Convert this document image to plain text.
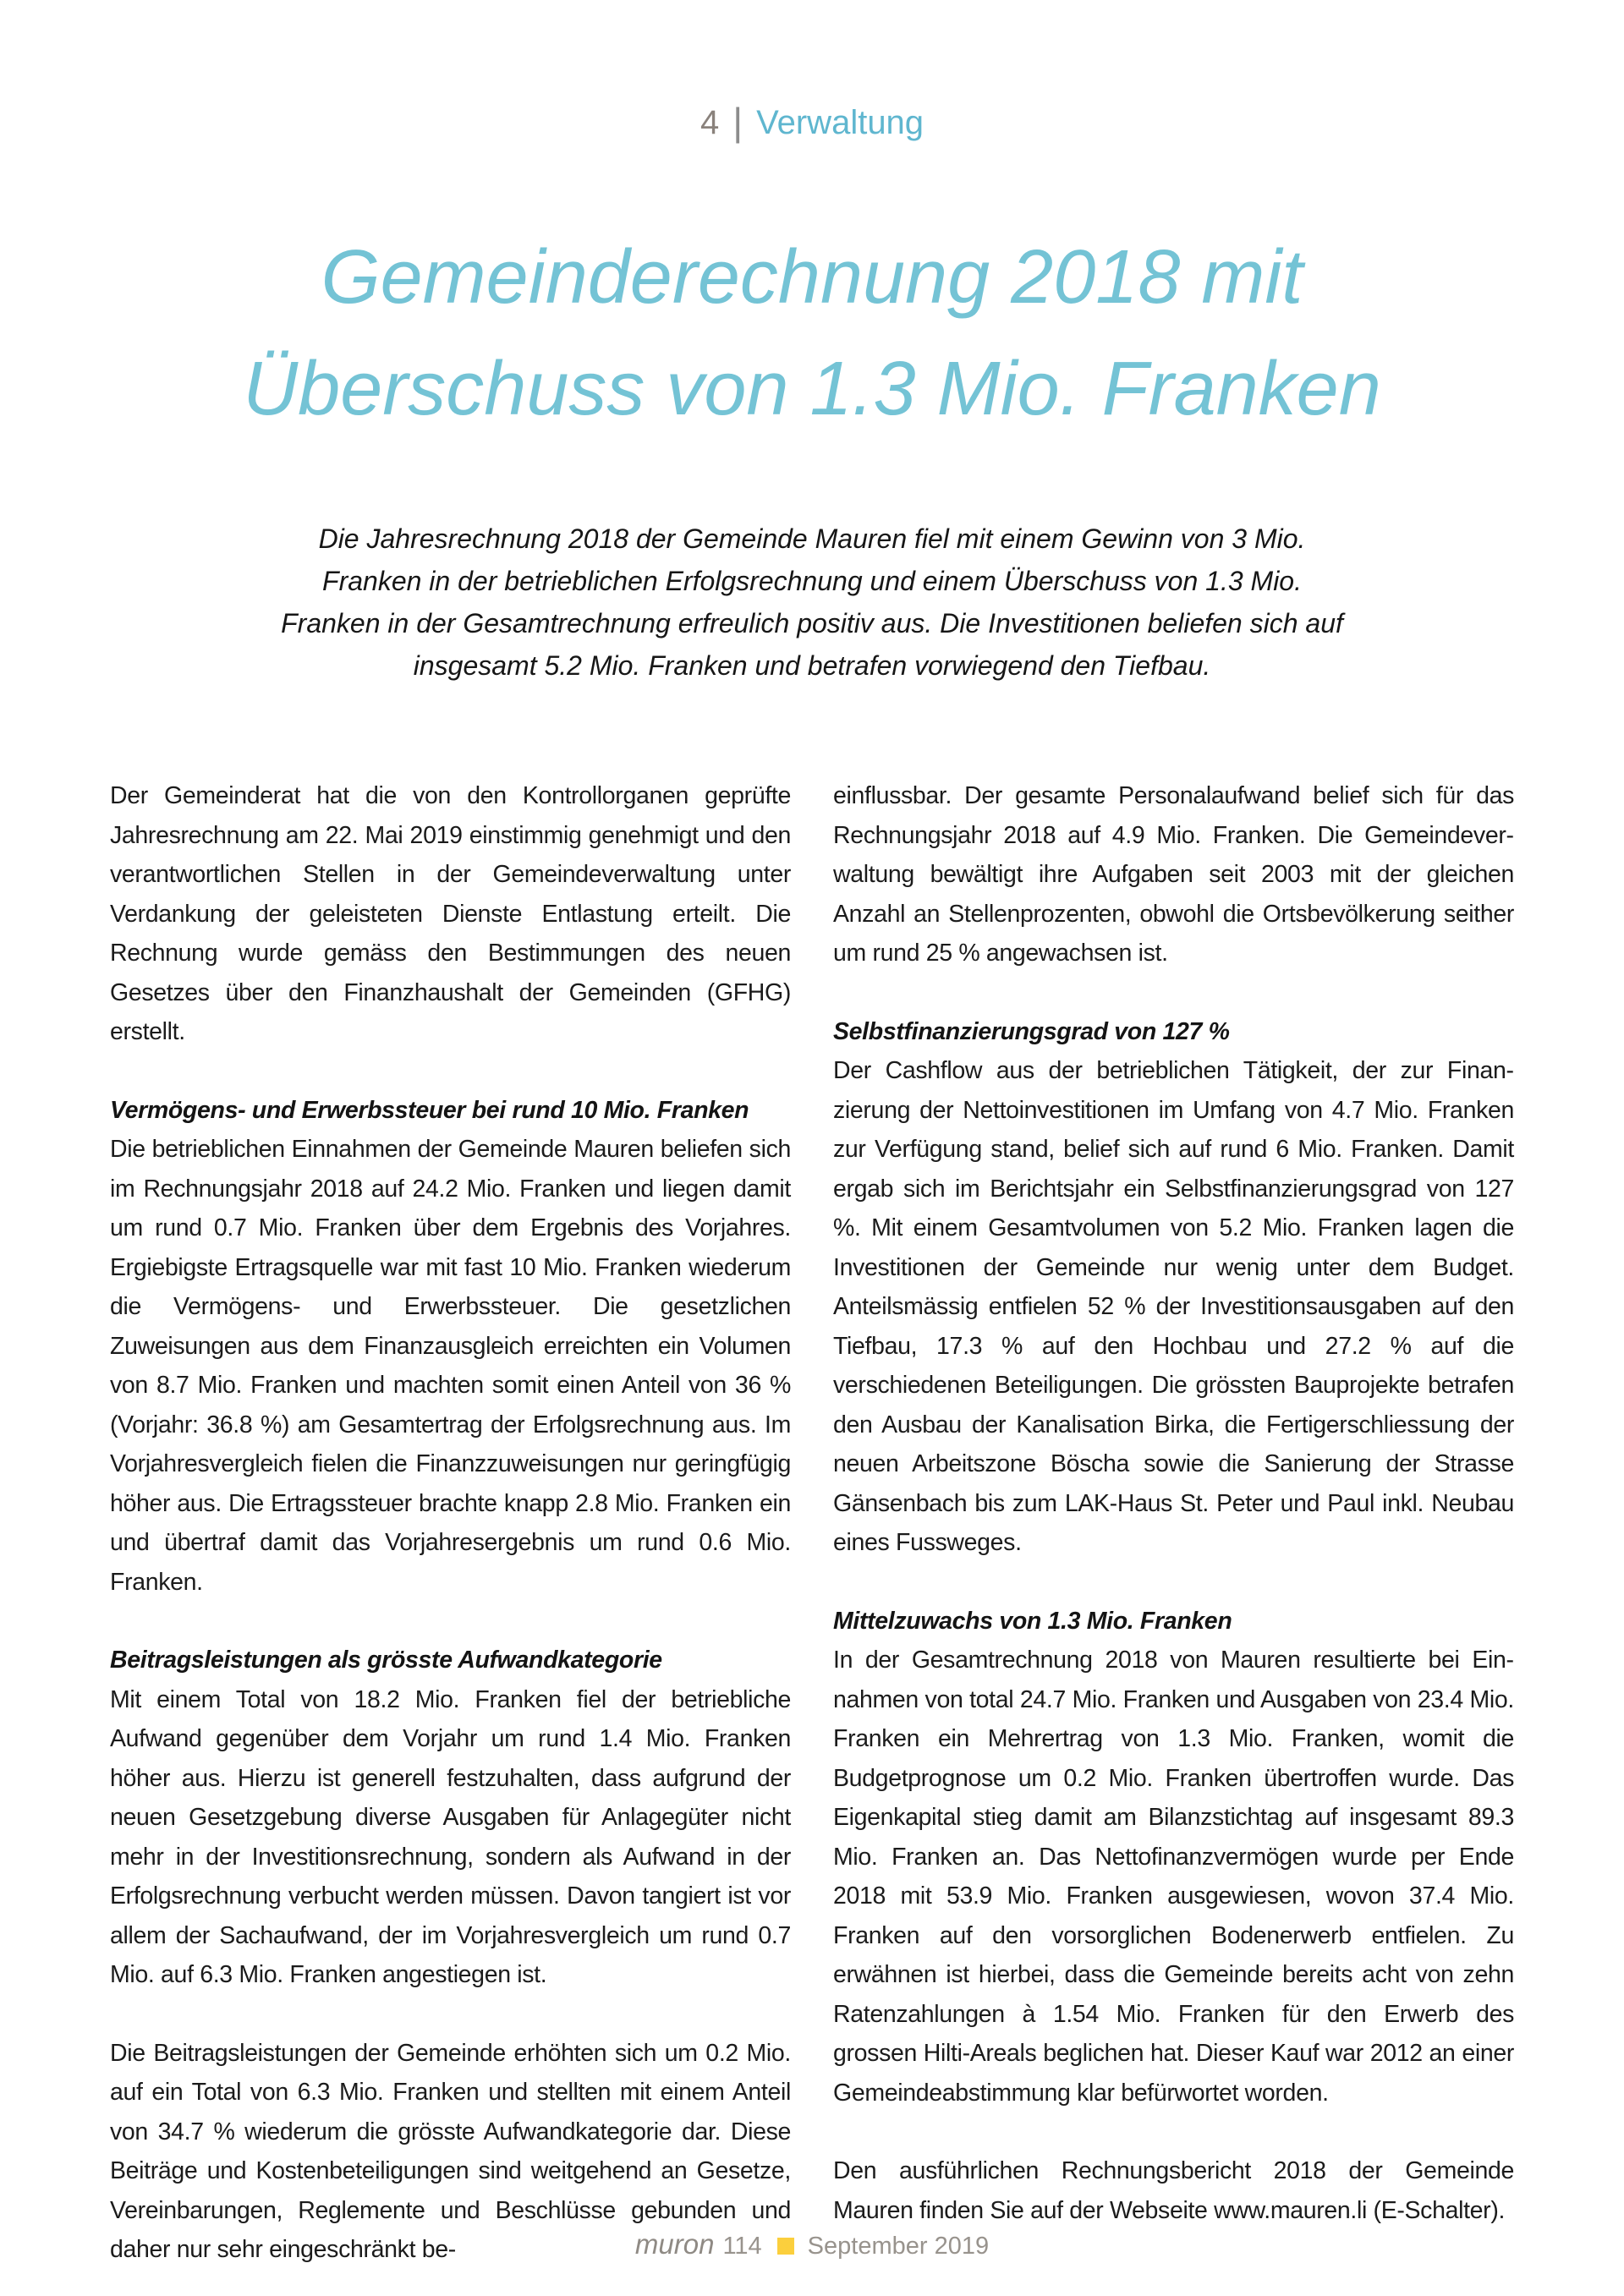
4 | Verwaltung
Gemeinderechnung 2018 mit
Überschuss von 1.3 Mio. Franken
Die Jahresrechnung 2018 der Gemeinde Mauren fiel mit einem Gewinn von 3 Mio.
Franken in der betrieblichen Erfolgsrechnung und einem Überschuss von 1.3 Mio.
Franken in der Gesamtrechnung erfreulich positiv aus. Die Investitionen beliefen sich auf
insgesamt 5.2 Mio. Franken und betrafen vorwiegend den Tiefbau.

Der Gemeinderat hat die von den Kontrollorganen geprüfte Jahresrechnung am 22. Mai 2019 einstimmig genehmigt und den verantwortlichen Stellen in der Gemeindeverwaltung unter Verdankung der geleisteten Dienste Entlastung erteilt. Die Rechnung wurde gemäss den Bestimmungen des neuen Gesetzes über den Finanzhaushalt der Gemeinden (GFHG) erstellt.

Vermögens- und Erwerbssteuer bei rund 10 Mio. Franken

Die betrieblichen Einnahmen der Gemeinde Mauren beliefen sich im Rechnungsjahr 2018 auf 24.2 Mio. Franken und liegen damit um rund 0.7 Mio. Franken über dem Ergebnis des Vorjahres. Ergiebigste Ertragsquelle war mit fast 10 Mio. Franken wiederum die Vermögens- und Erwerbssteuer. Die gesetzlichen Zuweisungen aus dem Finanzausgleich erreichten ein Volumen von 8.7 Mio. Franken und machten somit einen Anteil von 36 % (Vorjahr: 36.8 %) am Gesamtertrag der Erfolgsrechnung aus. Im Vorjahresvergleich fielen die Finanzzuweisungen nur geringfügig höher aus. Die Ertragssteuer brachte knapp 2.8 Mio. Franken ein und übertraf damit das Vorjahresergebnis um rund 0.6 Mio. Franken.

Beitragsleistungen als grösste Aufwandkategorie

Mit einem Total von 18.2 Mio. Franken fiel der betriebliche Aufwand gegenüber dem Vorjahr um rund 1.4 Mio. Franken höher aus. Hierzu ist generell festzuhalten, dass aufgrund der neuen Gesetzgebung diverse Ausgaben für Anlagegüter nicht mehr in der Investitionsrechnung, sondern als Aufwand in der Erfolgsrechnung verbucht werden müssen. Davon tangiert ist vor allem der Sachaufwand, der im Vorjahresvergleich um rund 0.7 Mio. auf 6.3 Mio. Franken angestiegen ist.

Die Beitragsleistungen der Gemeinde erhöhten sich um 0.2 Mio. auf ein Total von 6.3 Mio. Franken und stellten mit einem Anteil von 34.7 % wiederum die grösste Aufwandkategorie dar. Diese Beiträge und Kostenbeteiligungen sind weitgehend an Gesetze, Vereinbarungen, Reglemente und Beschlüsse gebunden und daher nur sehr eingeschränkt be-

einflussbar. Der gesamte Personalaufwand belief sich für das Rechnungsjahr 2018 auf 4.9 Mio. Franken. Die Gemeindeverwaltung bewältigt ihre Aufgaben seit 2003 mit der gleichen Anzahl an Stellenprozenten, obwohl die Ortsbevölkerung seither um rund 25 % angewachsen ist.

Selbstfinanzierungsgrad von 127 %

Der Cashflow aus der betrieblichen Tätigkeit, der zur Finanzierung der Nettoinvestitionen im Umfang von 4.7 Mio. Franken zur Verfügung stand, belief sich auf rund 6 Mio. Franken. Damit ergab sich im Berichtsjahr ein Selbstfinanzierungsgrad von 127 %. Mit einem Gesamtvolumen von 5.2 Mio. Franken lagen die Investitionen der Gemeinde nur wenig unter dem Budget. Anteilsmässig entfielen 52 % der Investitionsausgaben auf den Tiefbau, 17.3 % auf den Hochbau und 27.2 % auf die verschiedenen Beteiligungen. Die grössten Bauprojekte betrafen den Ausbau der Kanalisation Birka, die Fertigerschliessung der neuen Arbeitszone Böscha sowie die Sanierung der Strasse Gänsenbach bis zum LAK-Haus St. Peter und Paul inkl. Neubau eines Fussweges.

Mittelzuwachs von 1.3 Mio. Franken

In der Gesamtrechnung 2018 von Mauren resultierte bei Einnahmen von total 24.7 Mio. Franken und Ausgaben von 23.4 Mio. Franken ein Mehrertrag von 1.3 Mio. Franken, womit die Budgetprognose um 0.2 Mio. Franken übertroffen wurde. Das Eigenkapital stieg damit am Bilanzstichtag auf insgesamt 89.3 Mio. Franken an. Das Nettofinanzvermögen wurde per Ende 2018 mit 53.9 Mio. Franken ausgewiesen, wovon 37.4 Mio. Franken auf den vorsorglichen Bodenerwerb entfielen. Zu erwähnen ist hierbei, dass die Gemeinde bereits acht von zehn Ratenzahlungen à 1.54 Mio. Franken für den Erwerb des grossen Hilti-Areals beglichen hat. Dieser Kauf war 2012 an einer Gemeindeabstimmung klar befürwortet worden.

Den ausführlichen Rechnungsbericht 2018 der Gemeinde Mauren finden Sie auf der Webseite www.mauren.li (E-Schalter).

muron 114 September 2019
